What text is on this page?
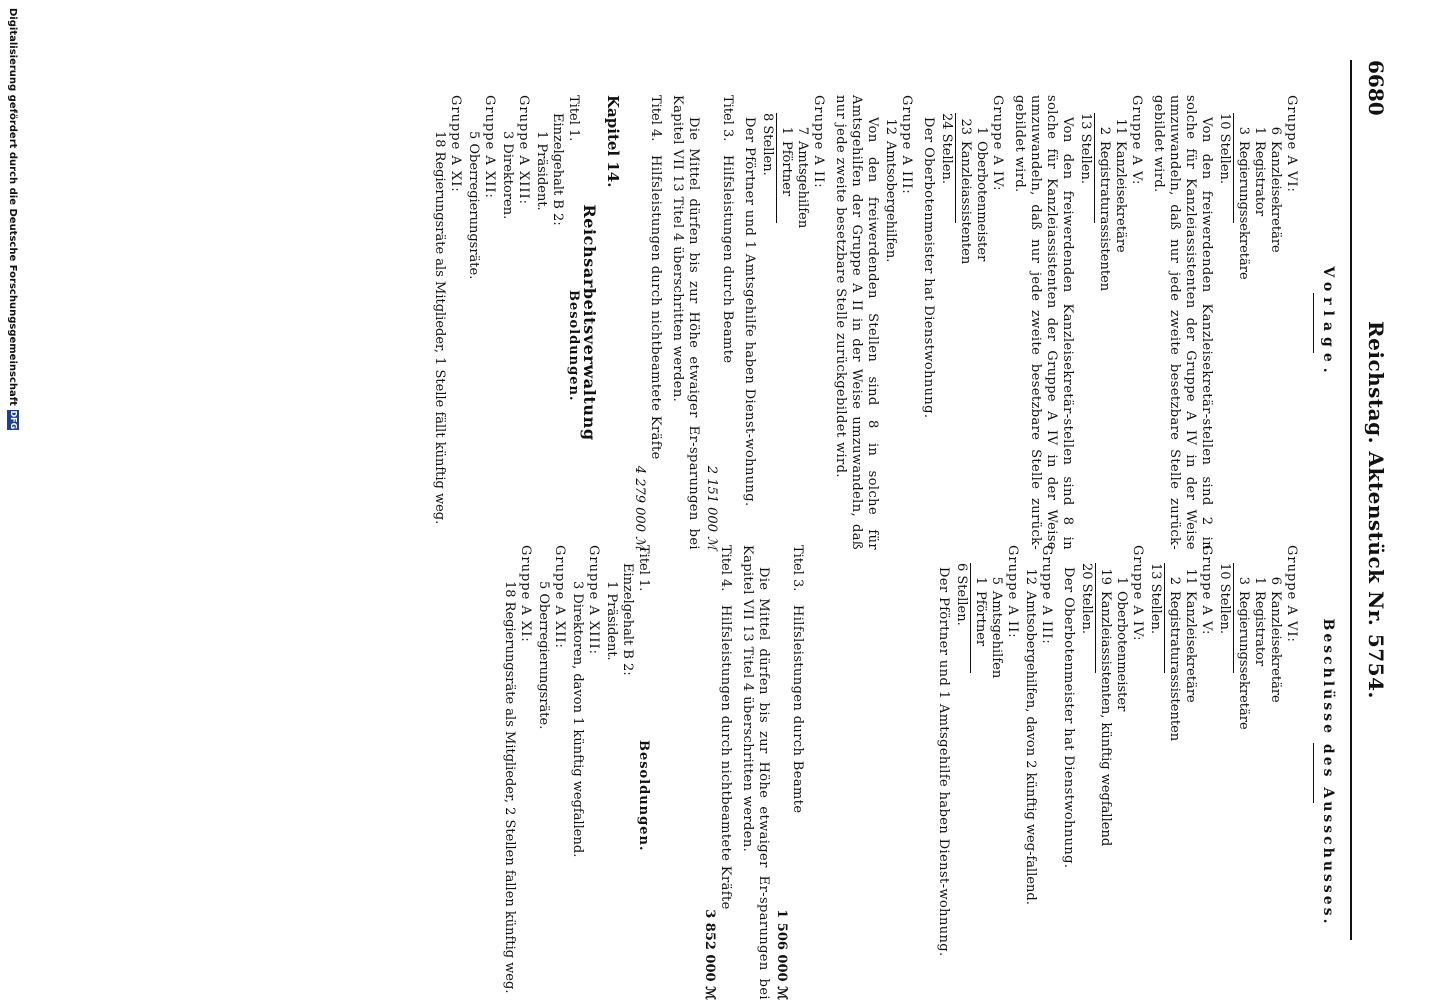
6680
Reichstag. Aktenstück Nr. 5754.
Vorlage.
Gruppe A VI:
6
Kanzleisekretäre
1
Registrator
3
Regierungssekretäre
10 Stellen.
Von den freiwerdenden Kanzleisekretär-stellen sind 2 in solche für Kanzleiassistenten der Gruppe A IV in der Weise umzuwandeln, daß nur jede zweite besetzbare Stelle zurück-gebildet wird.
Gruppe A V:
11
Kanzleisekretäre
2
Registraturassistenten
13 Stellen.
Von den freiwerdenden Kanzleisekretär-stellen sind 8 in solche für Kanzleiassistenten der Gruppe A IV in der Weise umzuwandeln, daß nur jede zweite besetzbare Stelle zurück-gebildet wird.
Gruppe A IV:
1
Oberbotenmeister
23
Kanzleiassistenten
24 Stellen.
Der Oberbotenmeister hat Dienstwohnung.
Gruppe A III:
12
Amtsobergehilfen.
Von den freiwerdenden Stellen sind 8 in solche für Amtsgehilfen der Gruppe A II in der Weise umzuwandeln, daß nur jede zweite besetzbare Stelle zurückgebildet wird.
Gruppe A II:
7
Amtsgehilfen
1
Pförtner
8 Stellen.
Der Pförtner und 1 Amtsgehilfe haben Dienst-wohnung.
Titel 3.
Hilfsleistungen durch Beamte
2 151 000 ℳ
Die Mittel dürfen bis zur Höhe etwaiger Er-sparungen bei Kapitel VII 13 Titel 4 überschritten werden.
Titel 4.
Hilfsleistungen durch nichtbeamtete Kräfte
4 279 000 ℳ
Kapitel 14.
Reichsarbeitsverwaltung
Titel 1.
Besoldungen.
Einzelgehalt B 2:
1 Präsident.
Gruppe A XIII:
3 Direktoren.
Gruppe A XII:
5 Oberregierungsräte.
Gruppe A XI:
18 Regierungsräte als Mitglieder, 1 Stelle fällt künftig weg.
Beschlüsse des Ausschusses.
Gruppe A VI:
6
Kanzleisekretäre
1
Registrator
3
Regierungssekretäre
10 Stellen.
Gruppe A V:
11
Kanzleisekretäre
2
Registraturassistenten
13 Stellen.
Gruppe A IV:
1
Oberbotenmeister
19
Kanzleiassistenten, künftig wegfallend
20 Stellen.
Der Oberbotenmeister hat Dienstwohnung.
Gruppe A III:
12
Amtsobergehilfen, davon 2 künftig weg-fallend.
Gruppe A II:
5
Amtsgehilfen
1
Pförtner
6 Stellen.
Der Pförtner und 1 Amtsgehilfe haben Dienst-wohnung.
Titel 3.
Hilfsleistungen durch Beamte
1 506 000 ℳ
Die Mittel dürfen bis zur Höhe etwaiger Er-sparungen bei Kapitel VII 13 Titel 4 überschritten werden.
Titel 4.
Hilfsleistungen durch nichtbeamtete Kräfte
3 852 000 ℳ
Titel 1.
Besoldungen.
Einzelgehalt B 2:
1 Präsident.
Gruppe A XIII:
3 Direktoren, davon 1 künftig wegfallend.
Gruppe A XII:
5 Oberregierungsräte.
Gruppe A XI:
18 Regierungsräte als Mitglieder, 2 Stellen fallen künftig weg.
Digitalisierung gefördert durch die Deutsche Forschungsgemeinschaft
DFG
